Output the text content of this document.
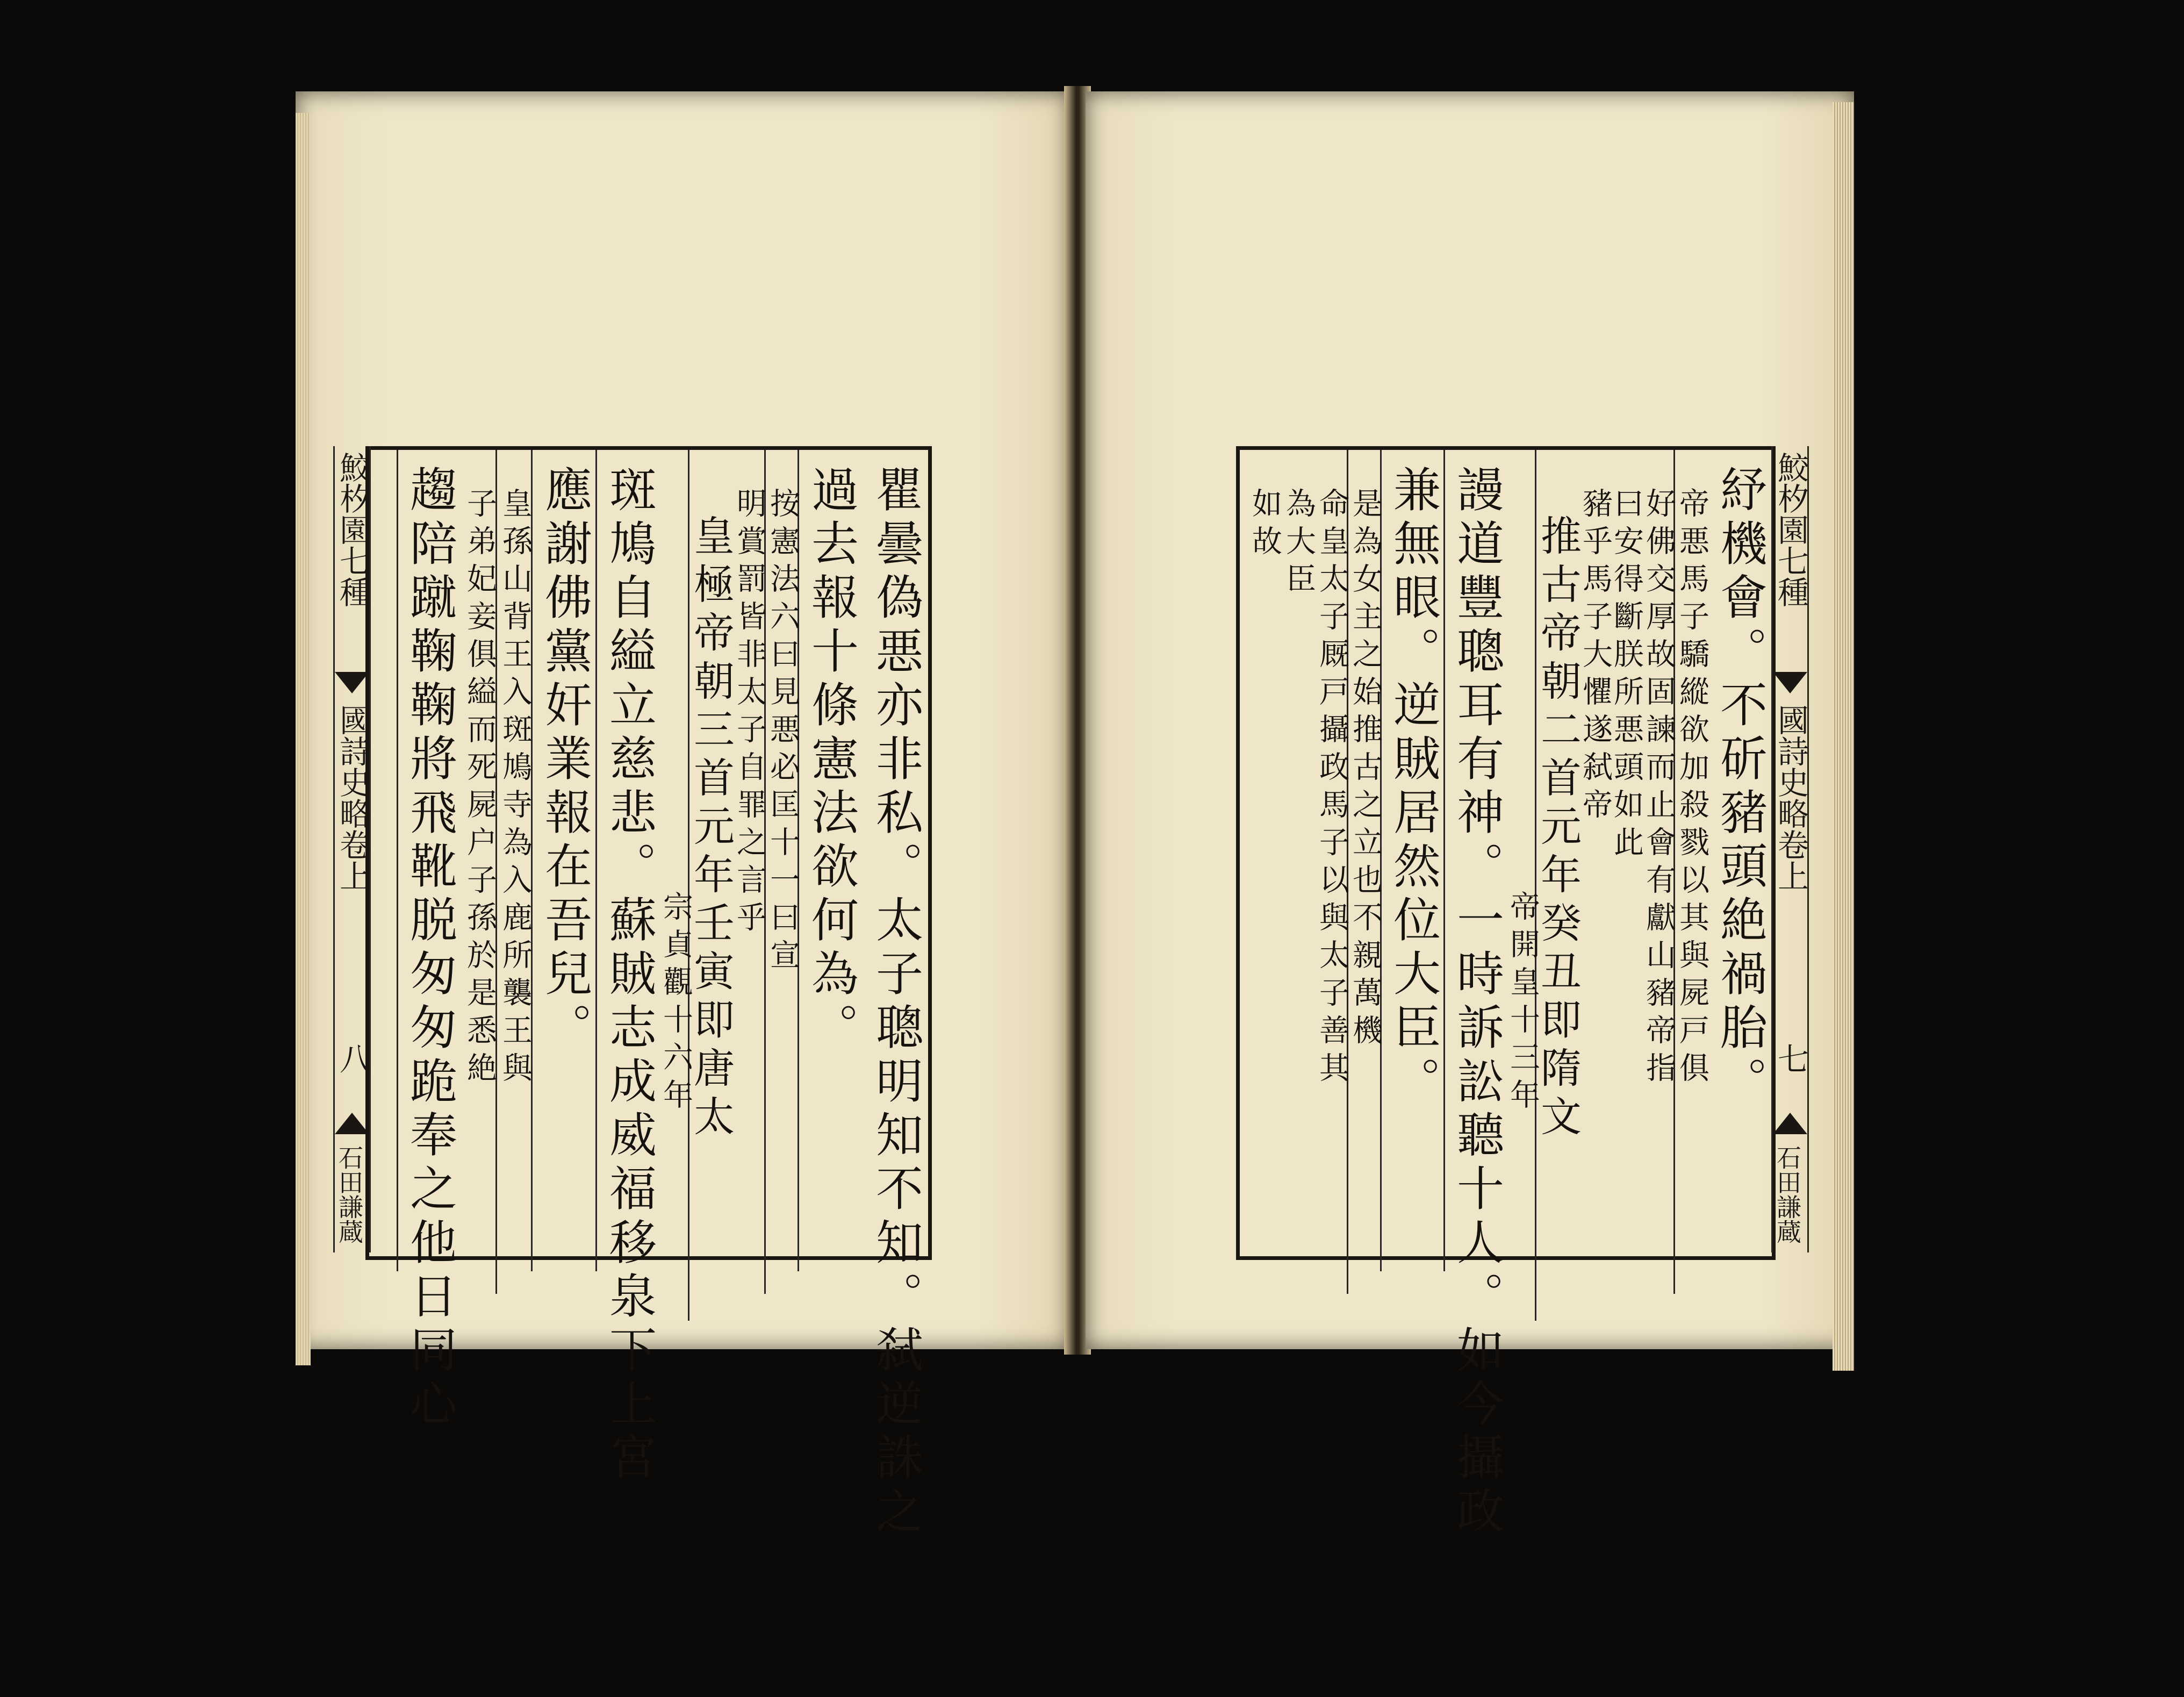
瞿曇偽悪亦非私。太子聰明知不知。弑逆誅之
過去報十條憲法欲何為。
按憲法六曰見悪必匡十一曰宣
明賞罰皆非太子自罪之言乎
皇極帝朝三首元年壬寅即唐太
宗貞觀十六年
斑鳩自縊立慈悲。蘇賊志成威福移泉下上宮
應謝佛黨奸業報在吾兒。
皇孫山背王入斑鳩寺為入鹿所襲王與
子弟妃妾俱縊而死屍户子孫於是悉絶
趨陪蹴鞠鞠將飛靴脱匆匆跪奉之他日同心
鮫𣏐園七種
國詩史略卷上
八
石田謙蔵
紓機會。不斫豬頭絶禍胎。
帝悪馬子驕縱欲加殺戮以其與屍戸俱
好佛交厚故固諫而止會有獻山豬帝指
曰安得斷朕所悪頭如此
豬乎馬子大懼遂弑帝
推古帝朝二首元年癸丑即隋文
帝開皇十三年
謾道豐聰耳有神。一時訴訟聽十人。如今攝政
兼無眼。逆賊居然位大臣。
是為女主之始推古之立也不親萬機
命皇太子厩戸攝政馬子以與太子善其
為大臣
如故	鮫𣏐園七種
國詩史略卷上
七
石田謙蔵
